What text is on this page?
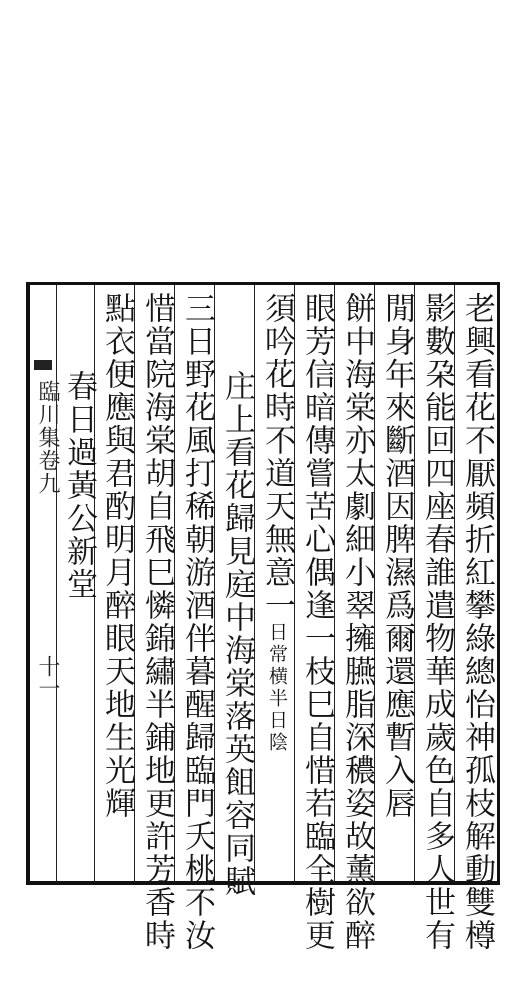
老興看花不厭頻折紅攀綠總怡神孤枝解動雙樽
影數朶能回四座春誰遣物華成歲色自多人世有
閒身年來斷酒因脾濕爲爾還應暫入唇
餅中海棠亦太劇細小翠擁臙脂深穠姿故薰欲醉
眼芳信暗傳嘗苦心偶逢一枝巳自惜若臨全樹更
須吟花時不道天無意一日常横半日陰
庄上看花歸見庭中海棠落英飷容同賦
三日野花風打稀朝游酒伴暮醒歸臨門夭桃不汝
惜當院海棠胡自飛巳憐錦繡半鋪地更許芳香時
點衣便應與君酌明月醉眼天地生光輝
春日過黃公新堂
臨川集卷九
十一
